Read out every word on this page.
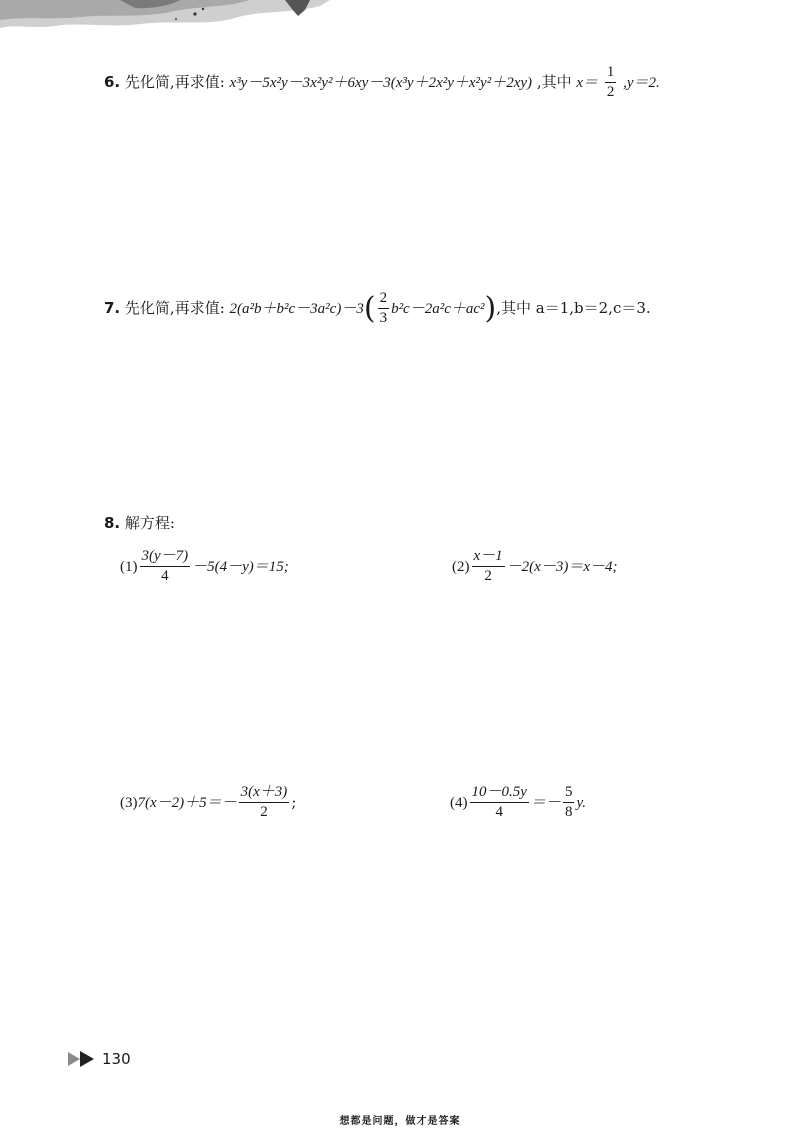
6. 先化简,再求值: x³y－5x²y－3x²y²＋6xy－3(x³y＋2x²y＋x²y²＋2xy) ,其中 $x= \frac{1}{2} ,y=2$.
7. 先化简,再求值: $2(a^2b+b^2c-3a^2c)-3( \frac{2}{3} b^2c-2a^2c+ac^2)$,其中 a＝1,b＝2,c＝3.
8. 解方程:
$(1) \frac{3(y-7)}{4} -5(4-y)=15$;	$(2) \frac{x-1}{2} -2(x-3)=x-4$;
$(3)7(x-2)+5=- \frac{3(x+3)}{2}$ ;	$(4) \frac{10-0.5y}{4} =- \frac{5}{8} y$.
130
想都是问题，做才是答案
